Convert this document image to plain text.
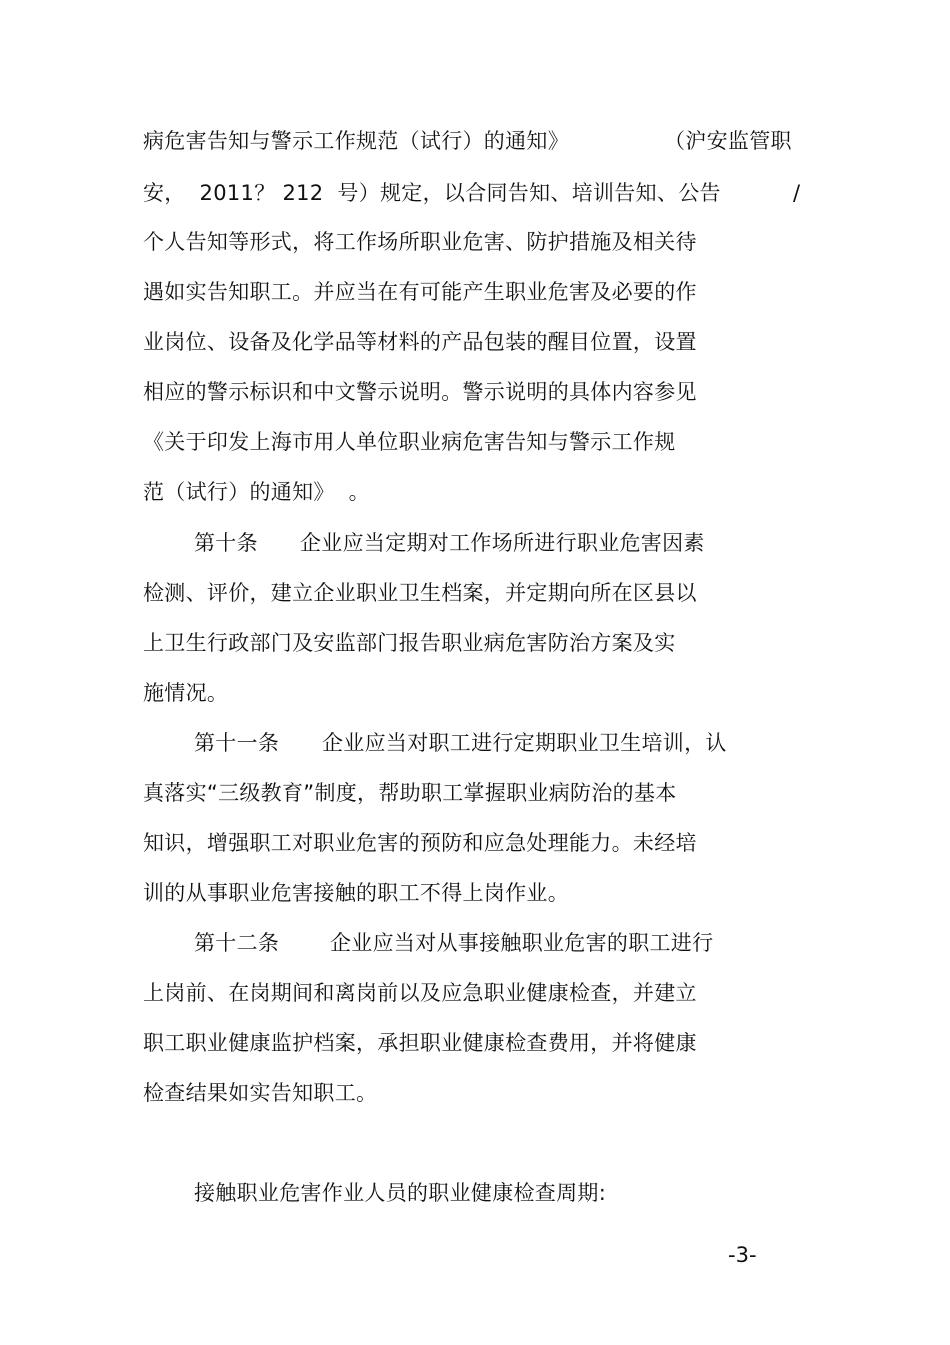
病危害告知与警示工作规范（试行）的通知》	（沪安监管职
安，  2011？ 212  号）规定，以合同告知、培训告知、公告	/
个人告知等形式，将工作场所职业危害、防护措施及相关待
遇如实告知职工。并应当在有可能产生职业危害及必要的作
业岗位、设备及化学品等材料的产品包装的醒目位置，设置
相应的警示标识和中文警示说明。警示说明的具体内容参见
《关于印发上海市用人单位职业病危害告知与警示工作规
范（试行）的通知》  。
第十条 企业应当定期对工作场所进行职业危害因素
检测、评价，建立企业职业卫生档案，并定期向所在区县以
上卫生行政部门及安监部门报告职业病危害防治方案及实
施情况。
第十一条 企业应当对职工进行定期职业卫生培训，认
真落实“三级教育”制度，帮助职工掌握职业病防治的基本
知识，增强职工对职业危害的预防和应急处理能力。未经培
训的从事职业危害接触的职工不得上岗作业。
第十二条 企业应当对从事接触职业危害的职工进行
上岗前、在岗期间和离岗前以及应急职业健康检查，并建立
职工职业健康监护档案，承担职业健康检查费用，并将健康
检查结果如实告知职工。
接触职业危害作业人员的职业健康检查周期:
-3-
